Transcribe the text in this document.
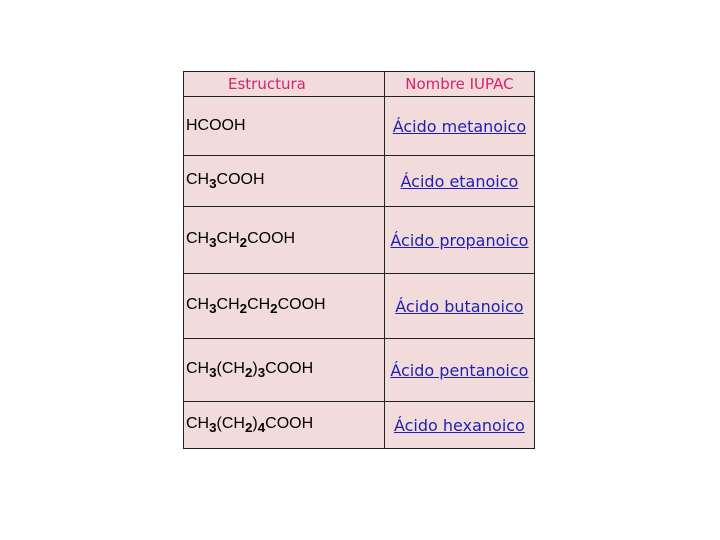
Estructura	Nombre IUPAC
HCOOH	Ácido metanoico
$CH_3COOH$	Ácido etanoico
$CH_3CH_2COOH$	Ácido propanoico
$CH_3CH_2CH_2COOH$	Ácido butanoico
$CH_3(CH_2)_3COOH$	Ácido pentanoico
$CH_3(CH_2)_4COOH$	Ácido hexanoico
